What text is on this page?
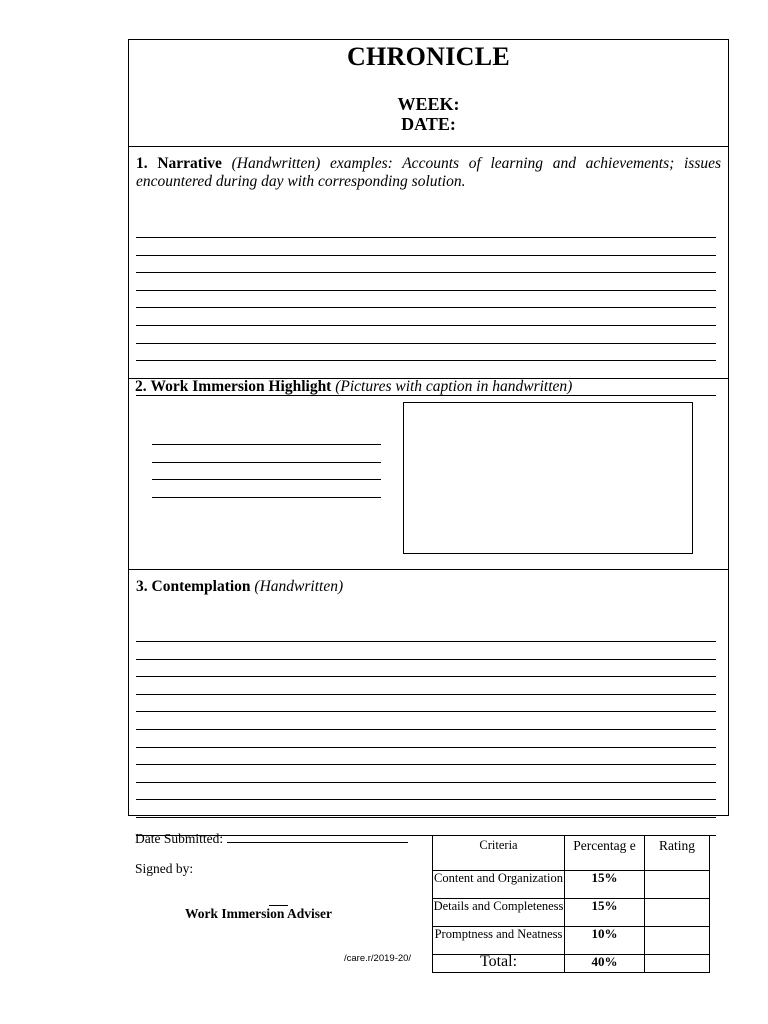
CHRONICLE
WEEK:
DATE:
1. Narrative (Handwritten) examples: Accounts of learning and achievements; issues encountered during day with corresponding solution.
3. Contemplation (Handwritten)
2. Work Immersion Highlight (Pictures with caption in handwritten)
Date Submitted:
Signed by:
Work Immersion Adviser
/care.r/2019-20/
Criteria	Percentag e	Rating
Content and Organization	15%	
Details and Completeness	15%	
Promptness and Neatness	10%	
Total:	40%	
